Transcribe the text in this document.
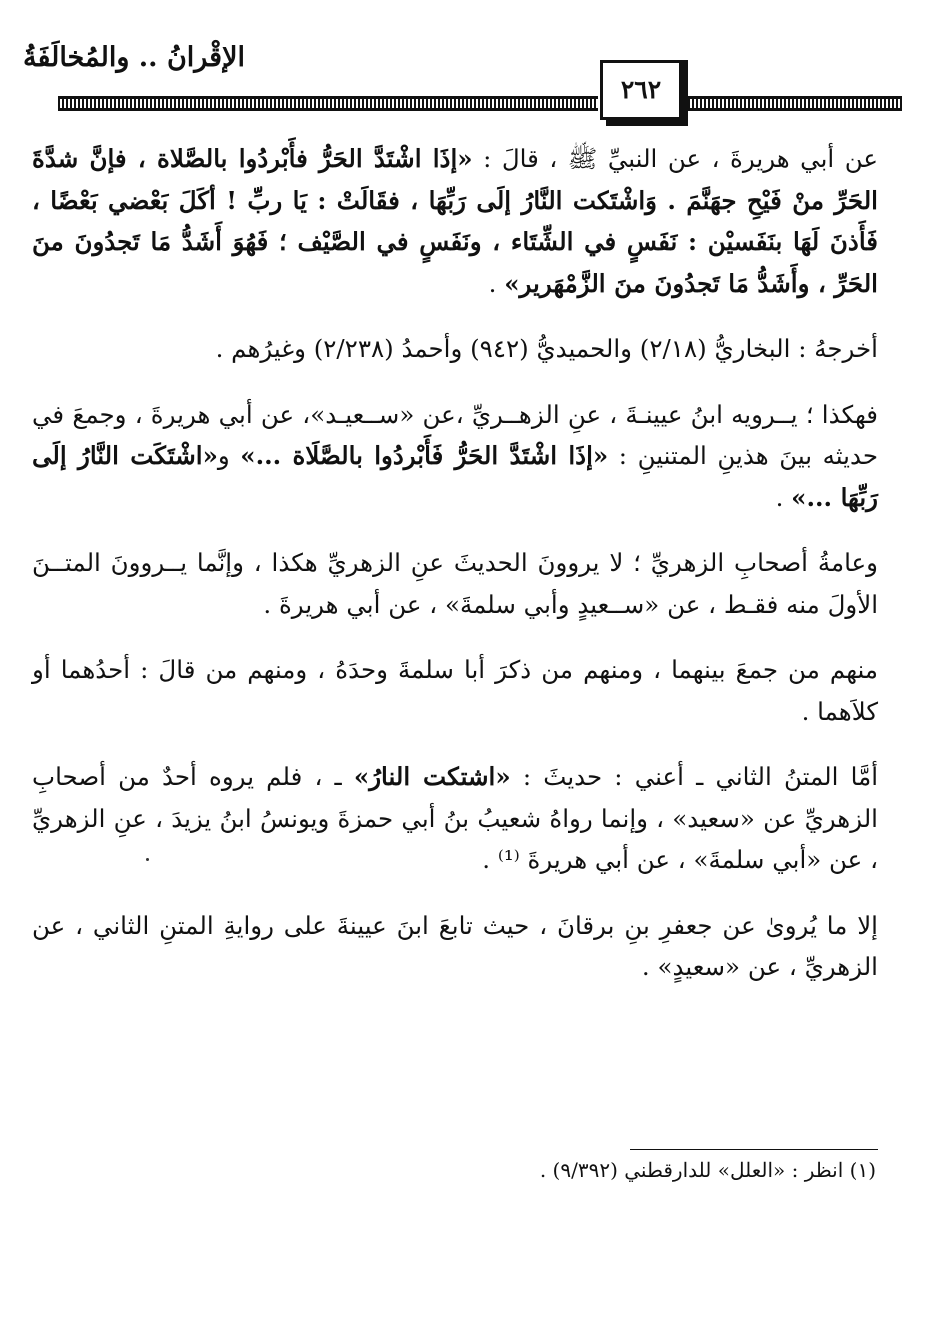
الإقْرانُ .. والمُخالَفَةُ
٢٦٢

عن أبي هريرةَ ، عن النبيِّ ﷺ ، قالَ : «إذَا اشْتَدَّ الحَرُّ فأَبْردُوا بالصَّلاة ، فإنَّ شدَّةَ الحَرِّ منْ فَيْحِ جهَنَّمَ . وَاشْتَكت النَّارُ إلَى رَبِّهَا ، فقَالَتْ : يَا ربِّ ! أكَلَ بَعْضي بَعْضًا ، فَأَذنَ لَهَا بنَفَسيْن : نَفَسٍ في الشِّتَاء ، ونَفَسٍ في الصَّيْف ؛ فَهُوَ أَشَدُّ مَا تَجدُونَ منَ الحَرِّ ، وأَشَدُّ مَا تَجدُونَ منَ الزَّمْهَرير» .

أخرجهُ : البخاريُّ (٢/١٨) والحميديُّ (٩٤٢) وأحمدُ (٢/٢٣٨) وغيرُهم .

فهكذا ؛ يــرويه ابنُ عيينـةَ ، عنِ الزهــريِّ ،عن «ســعيـد»، عن أبي هريرةَ ، وجمعَ في حديثه بينَ هذينِ المتنينِ : «إذَا اشْتَدَّ الحَرُّ فَأَبْردُوا بالصَّلَاة ...» و«اشْتَكَت النَّارُ إلَى رَبِّهَا ...» .

وعامةُ أصحابِ الزهريِّ ؛ لا يروونَ الحديثَ عنِ الزهريِّ هكذا ، وإنَّما يــروونَ المتــنَ الأولَ منه فقـط ، عن «ســعيدٍ وأبي سلمةَ» ، عن أبي هريرةَ .

منهم من جمعَ بينهما ، ومنهم من ذكرَ أبا سلمةَ وحدَهُ ، ومنهم من قالَ : أحدُهما أو كلاَهما .

أمَّا المتنُ الثاني ـ أعني : حديثَ : «اشتكت النارُ» ـ ، فلم يروه أحدٌ من أصحابِ الزهريِّ عن «سعيد» ، وإنما رواهُ شعيبُ بنُ أبي حمزةَ ويونسُ ابنُ يزيدَ ، عنِ الزهريِّ ، عن «أبي سلمةَ» ، عن أبي هريرةَ ⁽¹⁾ .

إلا ما يُروىٰ عن جعفرِ بنِ برقانَ ، حيث تابعَ ابنَ عيينةَ على روايةِ المتنِ الثاني ، عن الزهريِّ ، عن «سعيدٍ» .

(١) انظر : «العلل» للدارقطني (٩/٣٩٢) .
